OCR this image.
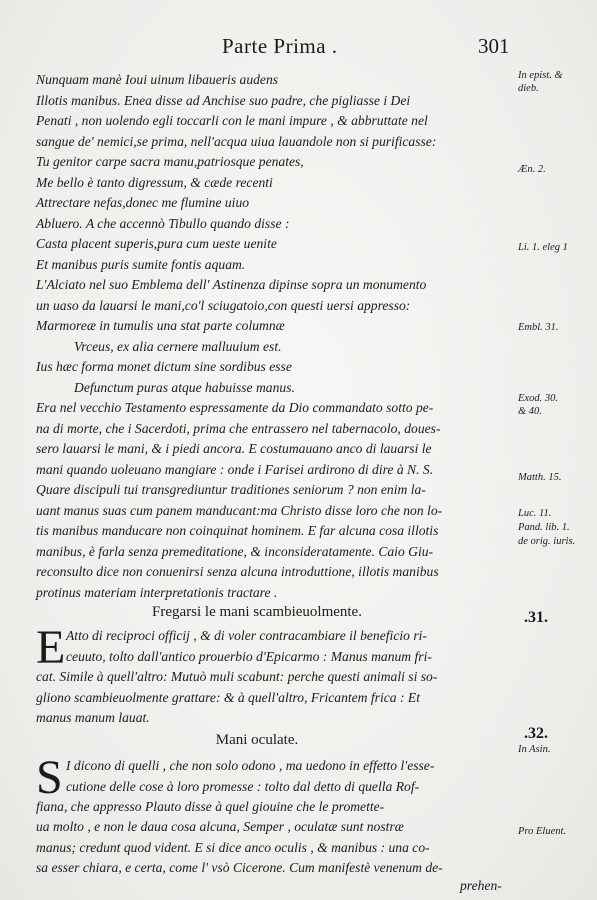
Parte Prima .	301
Nunquam manè Ioui uinum libaueris audens
Illotis manibus. Enea disse ad Anchise suo padre, che pigliasse i Dei
Penati , non uolendo egli toccarli con le mani impure , & abbruttate nel
sangue de' nemici,se prima, nell'acqua uiua lauandole non si purificasse:
Tu genitor carpe sacra manu,patriosque penates,
Me bello è tanto digressum, & cæde recenti
Attrectare nefas,donec me flumine uiuo
Abluero. A che accennò Tibullo quando disse :
Casta placent superis,pura cum ueste uenite
Et manibus puris sumite fontis aquam.
L'Alciato nel suo Emblema dell' Astinenza dipinse sopra un monumento
un uaso da lauarsi le mani,co'l sciugatoio,con questi uersi appresso:
Marmoreæ in tumulis una stat parte columnæ
Vrceus, ex alia cernere malluuium est.
Ius hæc forma monet dictum sine sordibus esse
Defunctum puras atque habuisse manus.
Era nel vecchio Testamento espressamente da Dio commandato sotto pe-
na di morte, che i Sacerdoti, prima che entrassero nel tabernacolo, doues-
sero lauarsi le mani, & i piedi ancora. E costumauano anco di lauarsi le
mani quando uoleuano mangiare : onde i Farisei ardirono di dire à N. S.
Quare discipuli tui transgrediuntur traditiones seniorum ? non enim la-
uant manus suas cum panem manducant:ma Christo disse loro che non lo-
tis manibus manducare non coinquinat hominem. E far alcuna cosa illotis
manibus, è farla senza premeditatione, & inconsideratamente. Caio Giu-
reconsulto dice non conuenirsi senza alcuna introduttione, illotis manibus
protinus materiam interpretationis tractare .
Fregarsi le mani scambieuolmente.
E Atto di reciproci officij , & di voler contracambiare il beneficio ri-
ceuuto, tolto dall'antico prouerbio d'Epicarmo : Manus manum fri-
cat. Simile à quell'altro: Mutuò muli scabunt: perche questi animali si so-
gliono scambieuolmente grattare: & à quell'altro, Fricantem frica : Et
manus manum lauat.
Mani oculate.
S I dicono di quelli , che non solo odono , ma uedono in effetto l'esse-
cutione delle cose à loro promesse : tolto dal detto di quella Rof-
fiana, che appresso Plauto disse à quel giouine che le promette-
ua molto , e non le daua cosa alcuna, Semper , oculatæ sunt nostræ
manus; credunt quod vident. E si dice anco oculis , & manibus : una co-
sa esser chiara, e certa, come l' vsò Cicerone. Cum manifestè venenum de-
prehen-
In epist. &
dieb.
Æn. 2.
Li. 1. eleg 1
Embl. 31.
Exod. 30.
& 40.
Matth. 15.
Luc. 11.
Pand. lib. 1.
de orig. iuris.
.31.
.32.
In Asin.
Pro Eluent.
